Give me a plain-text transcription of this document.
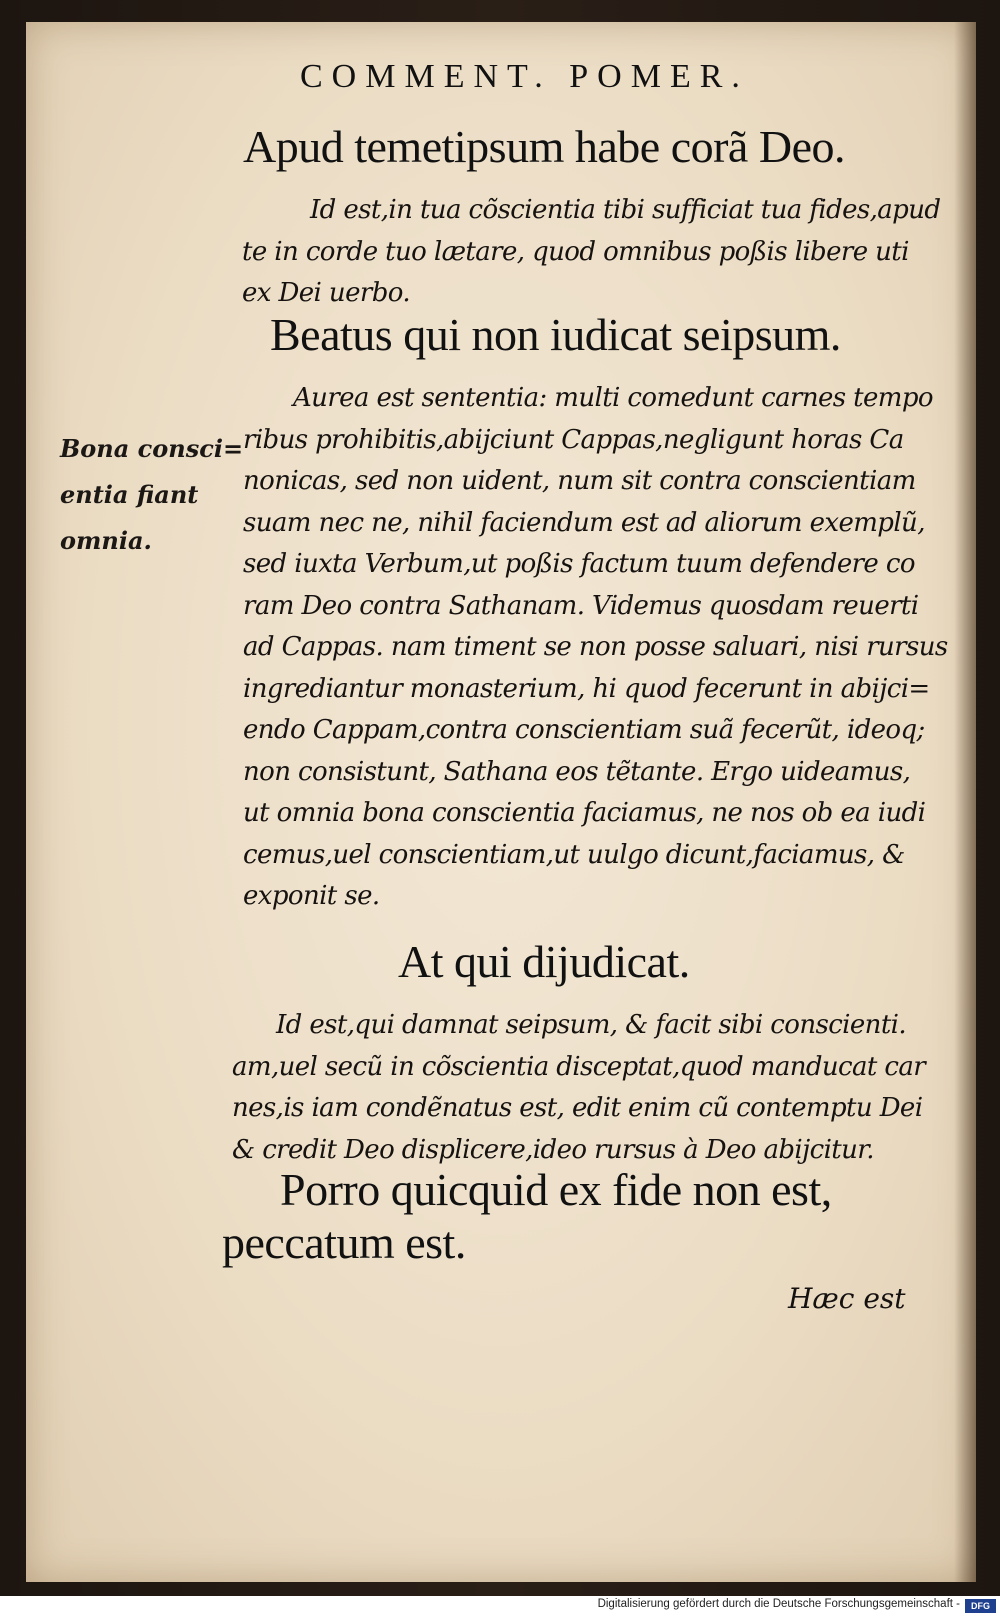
COMMENT. POMER.
Apud temetipsum habe corã Deo.
Id est,in tua cõscientia tibi sufficiat tua fides,apud
te in corde tuo lætare, quod omnibus poßis libere uti
ex Dei uerbo.
Beatus qui non iudicat seipsum.
Aurea est sententia: multi comedunt carnes tempo
ribus prohibitis,abijciunt Cappas,negligunt horas Ca
nonicas, sed non uident, num sit contra conscientiam
suam nec ne, nihil faciendum est ad aliorum exemplũ,
sed iuxta Verbum,ut poßis factum tuum defendere co
ram Deo contra Sathanam. Videmus quosdam reuerti
ad Cappas. nam timent se non posse saluari, nisi rursus
ingrediantur monasterium, hi quod fecerunt in abijci=
endo Cappam,contra conscientiam suã fecerũt, ideoq;
non consistunt, Sathana eos tẽtante. Ergo uideamus,
ut omnia bona conscientia faciamus, ne nos ob ea iudi
cemus,uel conscientiam,ut uulgo dicunt,faciamus, &
exponit se.
Bona consci=
entia fiant
omnia.
At qui dijudicat.
Id est,qui damnat seipsum, & facit sibi conscienti.
am,uel secũ in cõscientia disceptat,quod manducat car
nes,is iam condẽnatus est, edit enim cũ contemptu Dei
& credit Deo displicere,ideo rursus à Deo abijcitur.
Porro quicquid ex fide non est,
peccatum est.
Hæc est
Digitalisierung gefördert durch die Deutsche Forschungsgemeinschaft -	DFG
